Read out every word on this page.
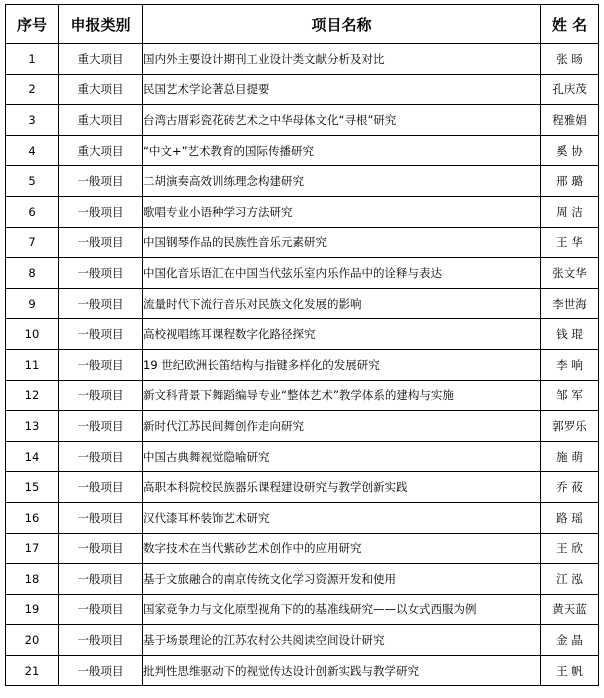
序号	申报类别	项目名称	姓 名
1	重大项目	国内外主要设计期刊工业设计类文献分析及对比	张 旸
2	重大项目	民国艺术学论著总目提要	孔庆茂
3	重大项目	台湾古厝彩瓷花砖艺术之中华母体文化“寻根”研究	程雅娟
4	重大项目	“中文+”艺术教育的国际传播研究	奚 协
5	一般项目	二胡演奏高效训练理念构建研究	邢 璐
6	一般项目	歌唱专业小语种学习方法研究	周 洁
7	一般项目	中国钢琴作品的民族性音乐元素研究	王 华
8	一般项目	中国化音乐语汇在中国当代弦乐室内乐作品中的诠释与表达	张文华
9	一般项目	流量时代下流行音乐对民族文化发展的影响	李世海
10	一般项目	高校视唱练耳课程数字化路径探究	钱 琨
11	一般项目	19 世纪欧洲长笛结构与指键多样化的发展研究	李 响
12	一般项目	新文科背景下舞蹈编导专业“整体艺术”教学体系的建构与实施	邹 军
13	一般项目	新时代江苏民间舞创作走向研究	郭罗乐
14	一般项目	中国古典舞视觉隐喻研究	施 萌
15	一般项目	高职本科院校民族器乐课程建设研究与教学创新实践	乔 莜
16	一般项目	汉代漆耳杯装饰艺术研究	路 瑶
17	一般项目	数字技术在当代紫砂艺术创作中的应用研究	王 欣
18	一般项目	基于文旅融合的南京传统文化学习资源开发和使用	江 泓
19	一般项目	国家竞争力与文化原型视角下的的基准线研究——以女式西服为例	黄天蓝
20	一般项目	基于场景理论的江苏农村公共阅读空间设计研究	金 晶
21	一般项目	批判性思维驱动下的视觉传达设计创新实践与教学研究	王 帆
